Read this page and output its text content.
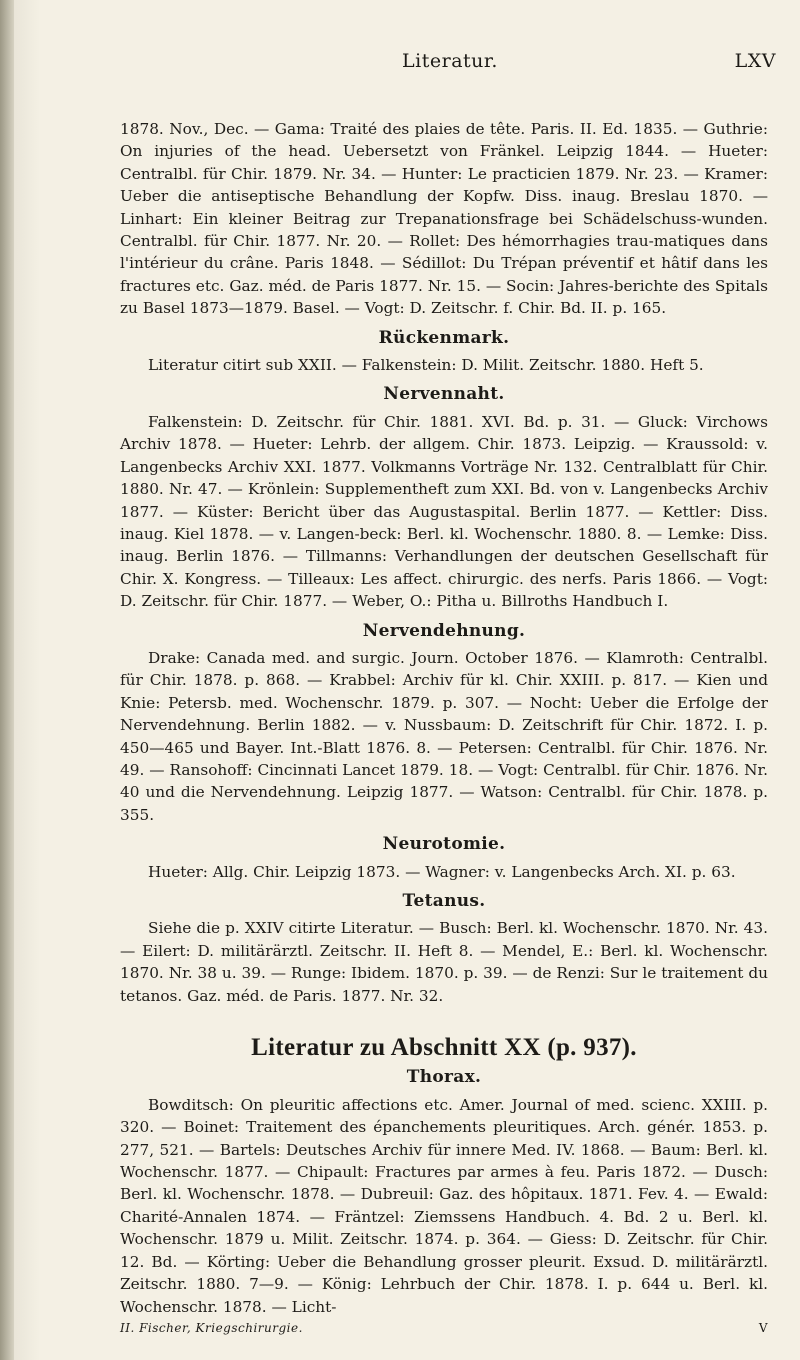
Literatur.	LXV

1878. Nov., Dec. — Gama: Traité des plaies de tête. Paris. II. Ed. 1835. — Guthrie: On injuries of the head. Uebersetzt von Fränkel. Leipzig 1844. — Hueter: Centralbl. für Chir. 1879. Nr. 34. — Hunter: Le practicien 1879. Nr. 23. — Kramer: Ueber die antiseptische Behandlung der Kopfw. Diss. inaug. Breslau 1870. — Linhart: Ein kleiner Beitrag zur Trepanationsfrage bei Schädelschuss-wunden. Centralbl. für Chir. 1877. Nr. 20. — Rollet: Des hémorrhagies trau-matiques dans l'intérieur du crâne. Paris 1848. — Sédillot: Du Trépan préventif et hâtif dans les fractures etc. Gaz. méd. de Paris 1877. Nr. 15. — Socin: Jahres-berichte des Spitals zu Basel 1873—1879. Basel. — Vogt: D. Zeitschr. f. Chir. Bd. II. p. 165.

Rückenmark.

Literatur citirt sub XXII. — Falkenstein: D. Milit. Zeitschr. 1880. Heft 5.

Nervennaht.

Falkenstein: D. Zeitschr. für Chir. 1881. XVI. Bd. p. 31. — Gluck: Virchows Archiv 1878. — Hueter: Lehrb. der allgem. Chir. 1873. Leipzig. — Kraussold: v. Langenbecks Archiv XXI. 1877. Volkmanns Vorträge Nr. 132. Centralblatt für Chir. 1880. Nr. 47. — Krönlein: Supplementheft zum XXI. Bd. von v. Langenbecks Archiv 1877. — Küster: Bericht über das Augustaspital. Berlin 1877. — Kettler: Diss. inaug. Kiel 1878. — v. Langen-beck: Berl. kl. Wochenschr. 1880. 8. — Lemke: Diss. inaug. Berlin 1876. — Tillmanns: Verhandlungen der deutschen Gesellschaft für Chir. X. Kongress. — Tilleaux: Les affect. chirurgic. des nerfs. Paris 1866. — Vogt: D. Zeitschr. für Chir. 1877. — Weber, O.: Pitha u. Billroths Handbuch I.

Nervendehnung.

Drake: Canada med. and surgic. Journ. October 1876. — Klamroth: Centralbl. für Chir. 1878. p. 868. — Krabbel: Archiv für kl. Chir. XXIII. p. 817. — Kien und Knie: Petersb. med. Wochenschr. 1879. p. 307. — Nocht: Ueber die Erfolge der Nervendehnung. Berlin 1882. — v. Nussbaum: D. Zeitschrift für Chir. 1872. I. p. 450—465 und Bayer. Int.-Blatt 1876. 8. — Petersen: Centralbl. für Chir. 1876. Nr. 49. — Ransohoff: Cincinnati Lancet 1879. 18. — Vogt: Centralbl. für Chir. 1876. Nr. 40 und die Nervendehnung. Leipzig 1877. — Watson: Centralbl. für Chir. 1878. p. 355.

Neurotomie.

Hueter: Allg. Chir. Leipzig 1873. — Wagner: v. Langenbecks Arch. XI. p. 63.

Tetanus.

Siehe die p. XXIV citirte Literatur. — Busch: Berl. kl. Wochenschr. 1870. Nr. 43. — Eilert: D. militärärztl. Zeitschr. II. Heft 8. — Mendel, E.: Berl. kl. Wochenschr. 1870. Nr. 38 u. 39. — Runge: Ibidem. 1870. p. 39. — de Renzi: Sur le traitement du tetanos. Gaz. méd. de Paris. 1877. Nr. 32.

Literatur zu Abschnitt XX (p. 937).
Thorax.

Bowditsch: On pleuritic affections etc. Amer. Journal of med. scienc. XXIII. p. 320. — Boinet: Traitement des épanchements pleuritiques. Arch. génér. 1853. p. 277, 521. — Bartels: Deutsches Archiv für innere Med. IV. 1868. — Baum: Berl. kl. Wochenschr. 1877. — Chipault: Fractures par armes à feu. Paris 1872. — Dusch: Berl. kl. Wochenschr. 1878. — Dubreuil: Gaz. des hôpitaux. 1871. Fev. 4. — Ewald: Charité-Annalen 1874. — Fräntzel: Ziemssens Handbuch. 4. Bd. 2 u. Berl. kl. Wochenschr. 1879 u. Milit. Zeitschr. 1874. p. 364. — Giess: D. Zeitschr. für Chir. 12. Bd. — Körting: Ueber die Behandlung grosser pleurit. Exsud. D. militärärztl. Zeitschr. 1880. 7—9. — König: Lehrbuch der Chir. 1878. I. p. 644 u. Berl. kl. Wochenschr. 1878. — Licht-

II. Fischer, Kriegschirurgie.	V
